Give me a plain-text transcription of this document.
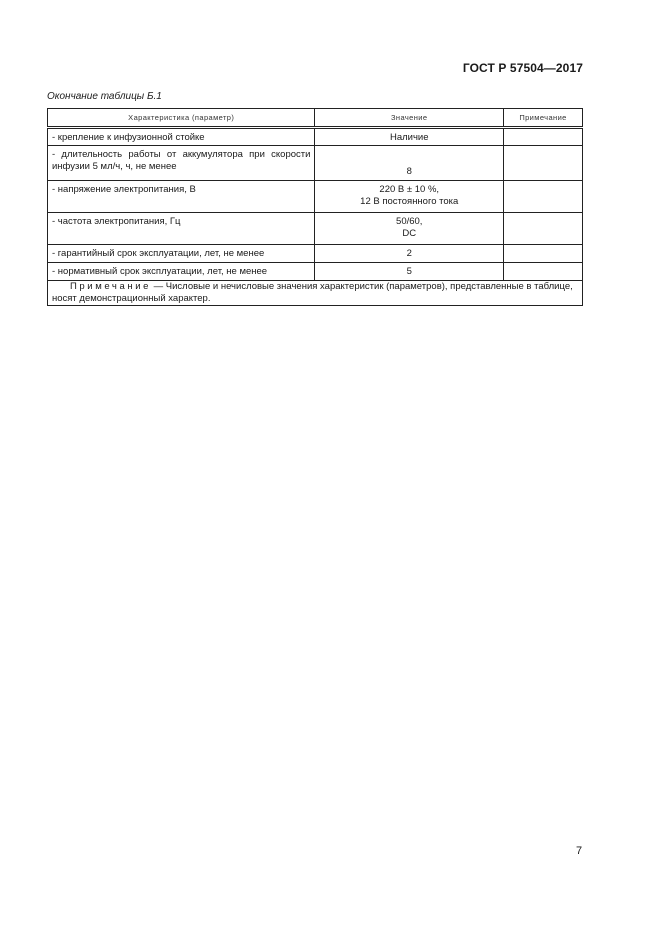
ГОСТ Р 57504—2017
Окончание таблицы Б.1
Характеристика (параметр)	Значение	Примечание
- крепление к инфузионной стойке	Наличие	
- длительность работы от аккумулятора при скорости инфузии 5 мл/ч, ч, не менее	8	
- напряжение электропитания, В	220 В ± 10 %,
12 В постоянного тока	

- частота электропитания, Гц	50/60,
DC	

- гарантийный срок эксплуатации, лет, не менее	2	
- нормативный срок эксплуатации, лет, не менее	5	
Примечание — Числовые и нечисловые значения характеристик (параметров), представленные в таблице, носят демонстрационный характер.		
7
